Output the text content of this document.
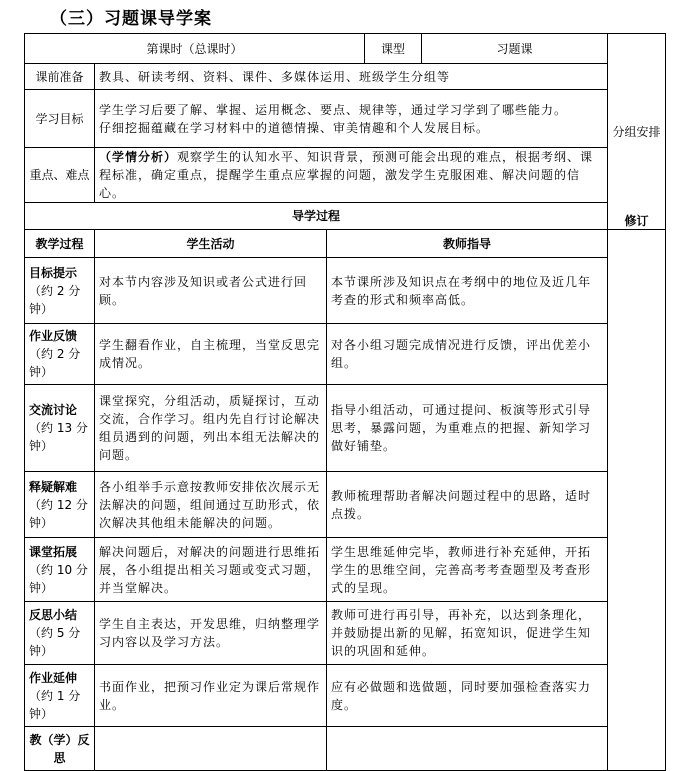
（三）习题课导学案
第课时（总课时）			课型	习题课	分组安排
课前准备	教具、研读考纲、资料、课件、多媒体运用、班级学生分组等				
学习目标	学生学习后要了解、掌握、运用概念、要点、规律等，通过学习学到了哪些能力。
仔细挖掘蕴藏在学习材料中的道德情操、审美情趣和个人发展目标。				

重点、难点	（学情分析）观察学生的认知水平、知识背景，预测可能会出现的难点，根据考纲、课程标准，确定重点，提醒学生重点应掌握的问题，激发学生克服困难、解决问题的信心。				
导学过程					
教学过程	学生活动	教师指导			修订

目标提示
（约 2 分钟）	对本节内容涉及知识或者公式进行回顾。	本节课所涉及知识点在考纲中的地位及近几年考查的形式和频率高低。			
作业反馈
（约 2 分钟）	学生翻看作业，自主梳理，当堂反思完成情况。	对各小组习题完成情况进行反馈，评出优差小组。			
交流讨论
（约 13 分钟）	课堂探究，分组活动，质疑探讨，互动交流，合作学习。组内先自行讨论解决组员遇到的问题，列出本组无法解决的问题。	指导小组活动，可通过提问、板演等形式引导思考，暴露问题，为重难点的把握、新知学习做好铺垫。			
释疑解难
（约 12 分钟）	各小组举手示意按教师安排依次展示无法解决的问题，组间通过互助形式，依次解决其他组未能解决的问题。	教师梳理帮助者解决问题过程中的思路，适时点拨。			
课堂拓展
（约 10 分钟）	解决问题后，对解决的问题进行思维拓展，各小组提出相关习题或变式习题，并当堂解决。	学生思维延伸完毕，教师进行补充延伸，开拓学生的思维空间，完善高考考查题型及考查形式的呈现。			
反思小结
（约 5 分钟）	学生自主表达，开发思维，归纳整理学习内容以及学习方法。	教师可进行再引导，再补充，以达到条理化，并鼓励提出新的见解，拓宽知识，促进学生知识的巩固和延伸。			
作业延伸
（约 1 分钟）	书面作业，把预习作业定为课后常规作业。	应有必做题和选做题，同时要加强检查落实力度。			
教（学）反思					
